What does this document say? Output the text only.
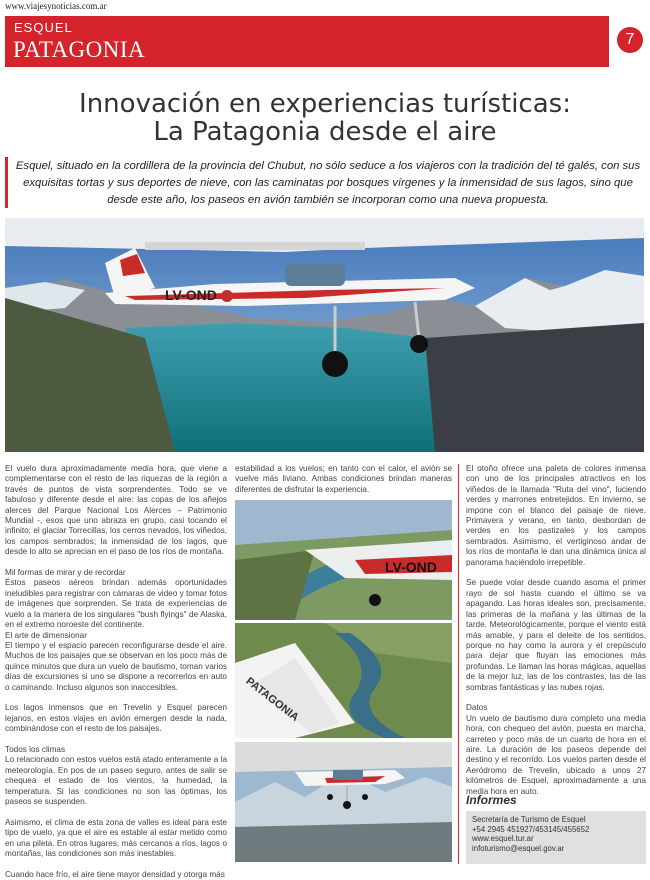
www.viajesynoticias.com.ar
ESQUEL
PATAGONIA	7
Innovación en experiencias turísticas:
La Patagonia desde el aire
Esquel, situado en la cordillera de la provincia del Chubut, no sólo seduce a los viajeros con la tradición del té galés, con sus exquisitas tortas y sus deportes de nieve, con las caminatas por bosques vírgenes y la inmensidad de sus lagos, sino que desde este año, los paseos en avión también se incorporan como una nueva propuesta.
LV-OND

El vuelo dura aproximadamente media hora, que viene a complementarse con el resto de las riquezas de la región a través de puntos de vista sorprendentes. Todo se ve fabuloso y diferente desde el aire: las copas de los añejos alerces del Parque Nacional Los Alerces – Patrimonio Mundial -, esos que uno abraza en grupo, casi tocando el infinito; el glaciar Torrecillas, los cerros nevados, los viñedos, los campos sembrados; la inmensidad de los lagos, que desde lo alto se aprecian en el paso de los ríos de montaña.

Mil formas de mirar y de recordar

Éstos paseos aéreos brindan además oportunidades ineludibles para registrar con cámaras de video y tomar fotos de imágenes que sorprenden. Se trata de experiencias de vuelo a la manera de los singulares "bush flyings" de Alaska, en el extremo noroeste del continente.

El arte de dimensionar

El tiempo y el espacio parecen reconfigurarse desde el aire. Muchos de los paisajes que se observan en los poco más de quince minutos que dura un vuelo de bautismo, toman varios días de excursiones si uno se dispone a recorrerlos en auto o caminando. Incluso algunos son inaccesibles.

Los lagos inmensos que en Trevelin y Esquel parecen lejanos, en estos viajes en avión emergen desde la nada, combinándose con el resto de los paisajes.

Todos los climas

Lo relacionado con estos vuelos está atado enteramente a la meteorología. En pos de un paseo seguro, antes de salir se chequea el estado de los vientos, la humedad, la temperatura. Si las condiciones no son las óptimas, los paseos se suspenden.

Asimismo, el clima de esta zona de valles es ideal para este tipo de vuelo, ya que el aire es estable al estar metido como en una pileta. En otros lugares, más cercanos a ríos, lagos o montañas, las condiciones son más inestables.

Cuando hace frío, el aire tiene mayor densidad y otorga más

estabilidad a los vuelos; en tanto con el calor, el avión se vuelve más liviano. Ambas condiciones brindan maneras diferentes de disfrutar la experiencia.
LV-OND
PATAGONIA

El otoño ofrece una paleta de colores inmensa con uno de los principales atractivos en los viñedos de la llamada "Ruta del vino", luciendo verdes y marrones entretejidos. En invierno, se impone con el blanco del paisaje de nieve. Primavera y verano, en tanto, desbordan de verdes en los pastizales y los campos sembrados. Asimismo, el vertiginoso andar de los ríos de montaña le dan una dinámica única al panorama haciéndolo irrepetible.

Se puede volar desde cuando asoma el primer rayo de sol hasta cuando el último se va apagando. Las horas ideales son, precisamente, las primeras de la mañana y las últimas de la tarde. Meteorológicamente, porque el viento está más amable, y para el deleite de los sentidos, porque no hay como la aurora y el crepúsculo para dejar que fluyan las emociones más profundas. Le llaman las horas mágicas, aquellas de la mejor luz, las de los contrastes, las de las sombras fantásticas y las nubes rojas.

Datos

Un vuelo de bautismo dura completo una media hora, con chequeo del avión, puesta en marcha, carreteo y poco más de un cuarto de hora en el aire. La duración de los paseos depende del destino y el recorrido. Los vuelos parten desde el Aeródromo de Trevelin, ubicado a unos 27 kilómetros de Esquel, aproximadamente a una media hora en auto.

Informes
Secretaría de Turismo de Esquel
+54 2945 451927/453145/455652
www.esquel.tur.ar
infoturismo@esquel.gov.ar
